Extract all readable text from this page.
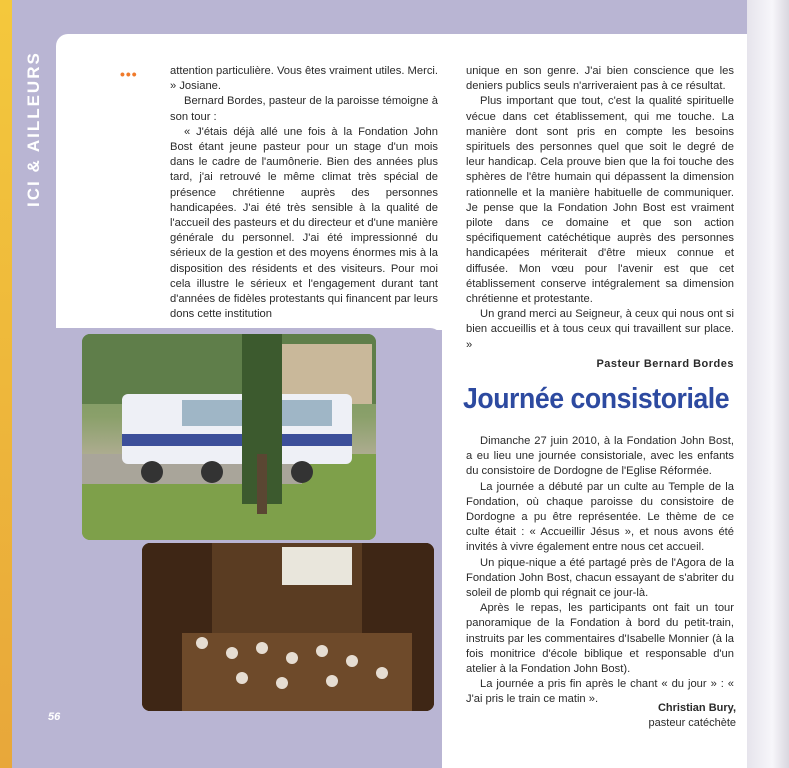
ICI & AILLEURS	•••	attention particulière. Vous êtes vraiment utiles. Merci. » Josiane.

Bernard Bordes, pasteur de la paroisse témoigne à son tour :

« J'étais déjà allé une fois à la Fondation John Bost étant jeune pasteur pour un stage d'un mois dans le cadre de l'aumônerie. Bien des années plus tard, j'ai retrouvé le même climat très spécial de présence chrétienne auprès des personnes handicapées. J'ai été très sensible à la qualité de l'accueil des pasteurs et du directeur et d'une manière générale du personnel. J'ai été impressionné du sérieux de la gestion et des moyens énormes mis à la disposition des résidents et des visiteurs. Pour moi cela illustre le sérieux et l'engagement durant tant d'années de fidèles protestants qui financent par leurs dons cette institution

unique en son genre. J'ai bien conscience que les deniers publics seuls n'arriveraient pas à ce résultat.

Plus important que tout, c'est la qualité spirituelle vécue dans cet établissement, qui me touche. La manière dont sont pris en compte les besoins spirituels des personnes quel que soit le degré de leur handicap. Cela prouve bien que la foi touche des sphères de l'être humain qui dépassent la dimension rationnelle et la manière habituelle de communiquer. Je pense que la Fondation John Bost est vraiment pilote dans ce domaine et que son action spécifiquement catéchétique auprès des personnes handicapées mériterait d'être mieux connue et diffusée. Mon vœu pour l'avenir est que cet établissement conserve intégralement sa dimension chrétienne et protestante.

Un grand merci au Seigneur, à ceux qui nous ont si bien accueillis et à tous ceux qui travaillent sur place. »

Pasteur Bernard Bordes
56
Journée consistoriale

Dimanche 27 juin 2010, à la Fondation John Bost, a eu lieu une journée consistoriale, avec les enfants du consistoire de Dordogne de l'Eglise Réformée.

La journée a débuté par un culte au Temple de la Fondation, où chaque paroisse du consistoire de Dordogne a pu être représentée. Le thème de ce culte était : « Accueillir Jésus », et nous avons été invités à vivre également entre nous cet accueil.

Un pique-nique a été partagé près de l'Agora de la Fondation John Bost, chacun essayant de s'abriter du soleil de plomb qui régnait ce jour-là.

Après le repas, les participants ont fait un tour panoramique de la Fondation à bord du petit-train, instruits par les commentaires d'Isabelle Monnier (à la fois monitrice d'école biblique et responsable d'un atelier à la Fondation John Bost).

La journée a pris fin après le chant « du jour » : « J'ai pris le train ce matin ».

Christian Bury,
pasteur catéchète
